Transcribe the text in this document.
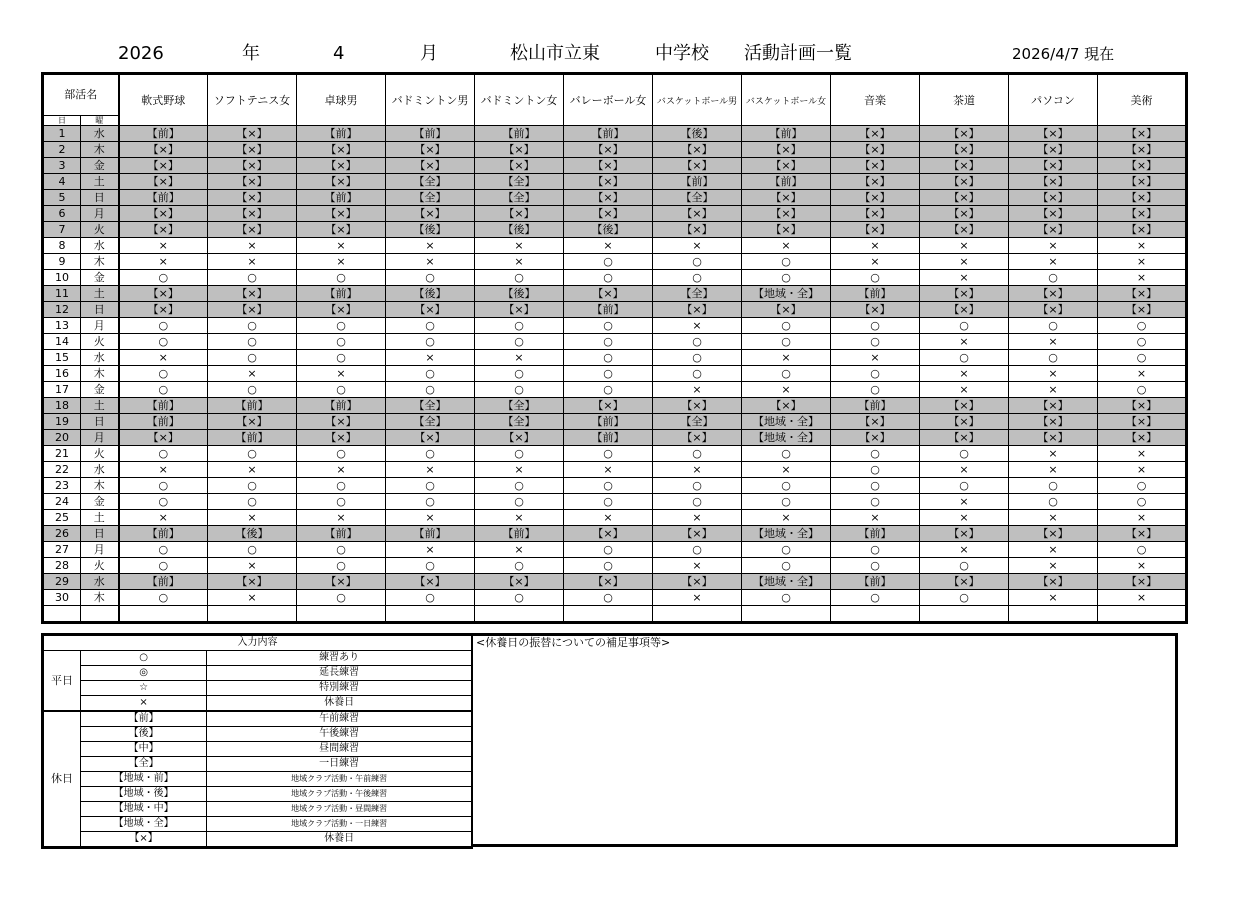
2026	年	4	月	松山市立東	中学校 活動計画一覧	2026/4/7 現在
部活名		軟式野球	ソフトテニス女	卓球男	バドミントン男	バドミントン女	バレーボール女	バスケットボール男	バスケットボール女	音楽	茶道	パソコン	美術
日	曜												
1	水	【前】	【×】	【前】	【前】	【前】	【前】	【後】	【前】	【×】	【×】	【×】	【×】
2	木	【×】	【×】	【×】	【×】	【×】	【×】	【×】	【×】	【×】	【×】	【×】	【×】
3	金	【×】	【×】	【×】	【×】	【×】	【×】	【×】	【×】	【×】	【×】	【×】	【×】
4	土	【×】	【×】	【×】	【全】	【全】	【×】	【前】	【前】	【×】	【×】	【×】	【×】
5	日	【前】	【×】	【前】	【全】	【全】	【×】	【全】	【×】	【×】	【×】	【×】	【×】
6	月	【×】	【×】	【×】	【×】	【×】	【×】	【×】	【×】	【×】	【×】	【×】	【×】
7	火	【×】	【×】	【×】	【後】	【後】	【後】	【×】	【×】	【×】	【×】	【×】	【×】
8	水	×	×	×	×	×	×	×	×	×	×	×	×
9	木	×	×	×	×	×	○	○	○	×	×	×	×
10	金	○	○	○	○	○	○	○	○	○	×	○	×
11	土	【×】	【×】	【前】	【後】	【後】	【×】	【全】	【地域・全】	【前】	【×】	【×】	【×】
12	日	【×】	【×】	【×】	【×】	【×】	【前】	【×】	【×】	【×】	【×】	【×】	【×】
13	月	○	○	○	○	○	○	×	○	○	○	○	○
14	火	○	○	○	○	○	○	○	○	○	×	×	○
15	水	×	○	○	×	×	○	○	×	×	○	○	○
16	木	○	×	×	○	○	○	○	○	○	×	×	×
17	金	○	○	○	○	○	○	×	×	○	×	×	○
18	土	【前】	【前】	【前】	【全】	【全】	【×】	【×】	【×】	【前】	【×】	【×】	【×】
19	日	【前】	【×】	【×】	【全】	【全】	【前】	【全】	【地域・全】	【×】	【×】	【×】	【×】
20	月	【×】	【前】	【×】	【×】	【×】	【前】	【×】	【地域・全】	【×】	【×】	【×】	【×】
21	火	○	○	○	○	○	○	○	○	○	○	×	×
22	水	×	×	×	×	×	×	×	×	○	×	×	×
23	木	○	○	○	○	○	○	○	○	○	○	○	○
24	金	○	○	○	○	○	○	○	○	○	×	○	○
25	土	×	×	×	×	×	×	×	×	×	×	×	×
26	日	【前】	【後】	【前】	【前】	【前】	【×】	【×】	【地域・全】	【前】	【×】	【×】	【×】
27	月	○	○	○	×	×	○	○	○	○	×	×	○
28	火	○	×	○	○	○	○	×	○	○	○	×	×
29	水	【前】	【×】	【×】	【×】	【×】	【×】	【×】	【地域・全】	【前】	【×】	【×】	【×】
30	木	○	×	○	○	○	○	×	○	○	○	×	×

入力内容		
平日	○	練習あり
	◎	延長練習
	☆	特別練習
	×	休養日
休日	【前】	午前練習
	【後】	午後練習
	【中】	昼間練習
	【全】	一日練習
	【地域・前】	地域クラブ活動・午前練習
	【地域・後】	地域クラブ活動・午後練習
	【地域・中】	地域クラブ活動・昼間練習
	【地域・全】	地域クラブ活動・一日練習
	【×】	休養日
<休養日の振替についての補足事項等>
